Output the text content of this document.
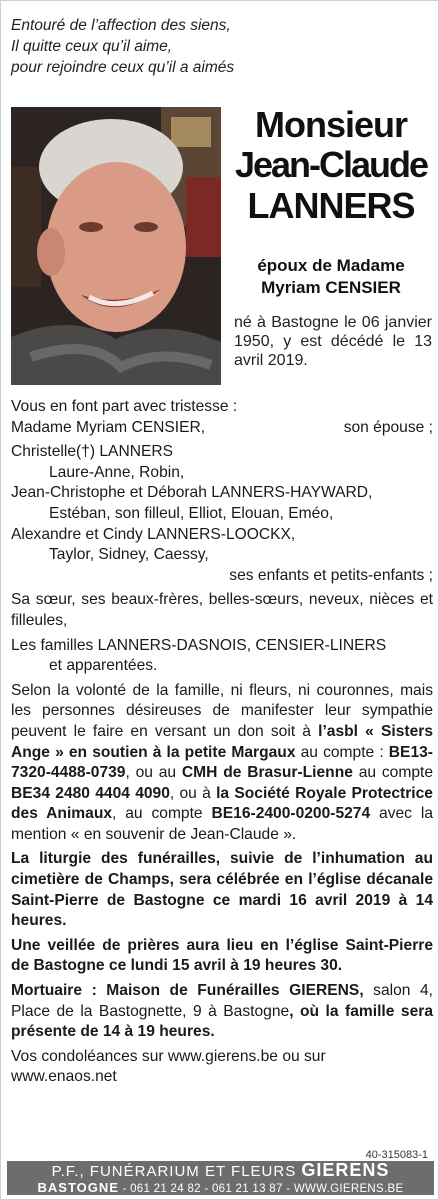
Entouré de l’affection des siens,
Il quitte ceux qu’il aime,
pour rejoindre ceux qu’il a aimés
Monsieur
Jean-Claude
LANNERS
époux de Madame
Myriam CENSIER
né à Bastogne le 06 janvier 1950, y est décédé le 13 avril 2019.
Vous en font part avec tristesse :
Madame Myriam CENSIER,	son épouse ;
Christelle(†) LANNERS
Laure-Anne, Robin,
Jean-Christophe et Déborah LANNERS-HAYWARD,
Estéban, son filleul, Elliot, Elouan, Eméo,
Alexandre et Cindy LANNERS-LOOCKX,
Taylor, Sidney, Caessy,
ses enfants et petits-enfants ;
Sa sœur, ses beaux-frères, belles-sœurs, neveux, nièces et filleules,
Les familles LANNERS-DASNOIS, CENSIER-LINERS
et apparentées.
Selon la volonté de la famille, ni fleurs, ni couronnes, mais les personnes désireuses de manifester leur sympathie peuvent le faire en versant un don soit à l’asbl « Sisters Ange » en soutien à la petite Margaux au compte : BE13-7320-4488-0739, ou au CMH de Brasur-Lienne au compte BE34 2480 4404 4090, ou à la Société Royale Protectrice des Animaux, au compte BE16-2400-0200-5274 avec la mention « en souvenir de Jean-Claude ».
La liturgie des funérailles, suivie de l’inhumation au cimetière de Champs, sera célébrée en l’église décanale Saint-Pierre de Bastogne ce mardi 16 avril 2019 à 14 heures.
Une veillée de prières aura lieu en l’église Saint-Pierre de Bastogne ce lundi 15 avril à 19 heures 30.
Mortuaire : Maison de Funérailles GIERENS, salon 4, Place de la Bastognette, 9 à Bastogne, où la famille sera présente de 14 à 19 heures.
Vos condoléances sur www.gierens.be ou sur www.enaos.net
40-315083-1
P.F., FUNÉRARIUM ET FLEURS GIERENS
BASTOGNE - 061 21 24 82 - 061 21 13 87 - WWW.GIERENS.BE
